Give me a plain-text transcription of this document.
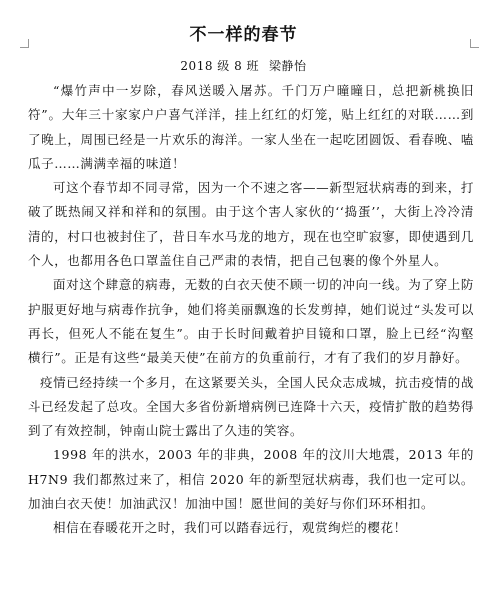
不一样的春节
2018 级 8 班 梁静怡

“爆竹声中一岁除，春风送暖入屠苏。千门万户曈曈日，总把新桃换旧符”。大年三十家家户户喜气洋洋，挂上红红的灯笼，贴上红红的对联……到了晚上，周围已经是一片欢乐的海洋。一家人坐在一起吃团圆饭、看春晚、嗑瓜子……满满幸福的味道！

可这个春节却不同寻常，因为一个不速之客——新型冠状病毒的到来，打破了既热闹又祥和祥和的氛围。由于这个害人家伙的‘‘捣蛋’’，大街上冷冷清清的，村口也被封住了，昔日车水马龙的地方，现在也空旷寂寥，即使遇到几个人，也都用各色口罩盖住自己严肃的表情，把自己包裹的像个外星人。

面对这个肆意的病毒，无数的白衣天使不顾一切的冲向一线。为了穿上防护服更好地与病毒作抗争，她们将美丽飘逸的长发剪掉，她们说过“头发可以再长，但死人不能在复生”。由于长时间戴着护目镜和口罩，脸上已经“沟壑横行”。正是有这些“最美天使”在前方的负重前行，才有了我们的岁月静好。

疫情已经持续一个多月，在这紧要关头，全国人民众志成城，抗击疫情的战斗已经发起了总攻。全国大多省份新增病例已连降十六天，疫情扩散的趋势得到了有效控制，钟南山院士露出了久违的笑容。

1998 年的洪水，2003 年的非典，2008 年的汶川大地震，2013 年的 H7N9 我们都熬过来了，相信 2020 年的新型冠状病毒，我们也一定可以。加油白衣天使！加油武汉！加油中国！愿世间的美好与你们环环相扣。

相信在春暖花开之时，我们可以踏春远行，观赏绚烂的樱花！
